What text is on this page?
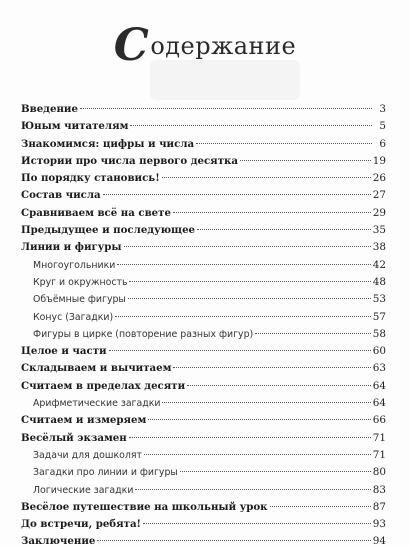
Содержание
Введение	3
Юным читателям	5
Знакомимся: цифры и числа	6
Истории про числа первого десятка	19
По порядку становись!	26
Состав числа	27
Сравниваем всё на свете	29
Предыдущее и последующее	35
Линии и фигуры	38
Многоугольники	42
Круг и окружность	48
Объёмные фигуры	53
Конус (Загадки)	57
Фигуры в цирке (повторение разных фигур)	58
Целое и части	60
Складываем и вычитаем	63
Считаем в пределах десяти	64
Арифметические загадки	64
Считаем и измеряем	66
Весёлый экзамен	71
Задачи для дошколят	71
Загадки про линии и фигуры	80
Логические загадки	83
Весёлое путешествие на школьный урок	87
До встречи, ребята!	93
Заключение	94
